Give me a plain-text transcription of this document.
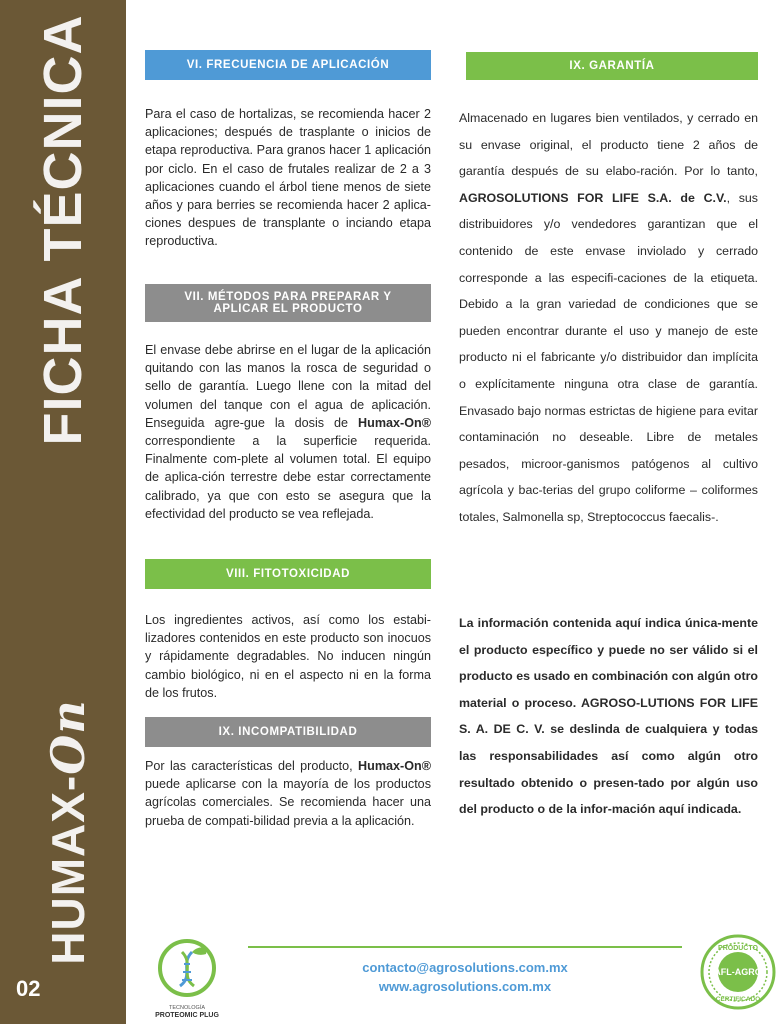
FICHA TÉCNICA
HUMAX-On
02
VI. FRECUENCIA DE APLICACIÓN
Para el caso de hortalizas, se recomienda hacer 2 aplicaciones; después de trasplante o inicios de etapa reproductiva. Para granos hacer 1 aplicación por ciclo. En el caso de frutales realizar de 2 a 3 aplicaciones cuando el árbol tiene menos de siete años y para berries se recomienda hacer 2 aplica-ciones despues de transplante o inciando etapa reproductiva.
VII. MÉTODOS PARA PREPARAR Y
APLICAR EL PRODUCTO
El envase debe abrirse en el lugar de la aplicación quitando con las manos la rosca de seguridad o sello de garantía. Luego llene con la mitad del volumen del tanque con el agua de aplicación. Enseguida agre-gue la dosis de Humax-On® correspondiente a la superficie requerida. Finalmente com-plete al volumen total. El equipo de aplica-ción terrestre debe estar correctamente calibrado, ya que con esto se asegura que la efectividad del producto se vea reflejada.
VIII. FITOTOXICIDAD
Los ingredientes activos, así como los estabi-lizadores contenidos en este producto son inocuos y rápidamente degradables. No inducen ningún cambio biológico, ni en el aspecto ni en la forma de los frutos.
IX. INCOMPATIBILIDAD
Por las características del producto, Humax-On® puede aplicarse con la mayoría de los productos agrícolas comerciales. Se recomienda hacer una prueba de compati-bilidad previa a la aplicación.
IX. GARANTÍA
Almacenado en lugares bien ventilados, y cerrado en su envase original, el producto tiene 2 años de garantía después de su elabo-ración. Por lo tanto, AGROSOLUTIONS FOR LIFE S.A. de C.V., sus distribuidores y/o vendedores garantizan que el contenido de este envase inviolado y cerrado corresponde a las especifi-caciones de la etiqueta. Debido a la gran variedad de condiciones que se pueden encontrar durante el uso y manejo de este producto ni el fabricante y/o distribuidor dan implícita o explícitamente ninguna otra clase de garantía. Envasado bajo normas estrictas de higiene para evitar contaminación no deseable. Libre de metales pesados, microor-ganismos patógenos al cultivo agrícola y bac-terias del grupo coliforme – coliformes totales, Salmonella sp, Streptococcus faecalis-.
La información contenida aquí indica única-mente el producto específico y puede no ser válido si el producto es usado en combinación con algún otro material o proceso. AGROSO-LUTIONS FOR LIFE S. A. DE C. V. se deslinda de cualquiera y todas las responsabilidades así como algún otro resultado obtenido o presen-tado por algún uso del producto o de la infor-mación aquí indicada.
TECNOLOGÍA
PROTEOMIC PLUG
contacto@agrosolutions.com.mx
www.agrosolutions.com.mx
PRODUCTO
AFL-AGRO
CERTIFICADO
